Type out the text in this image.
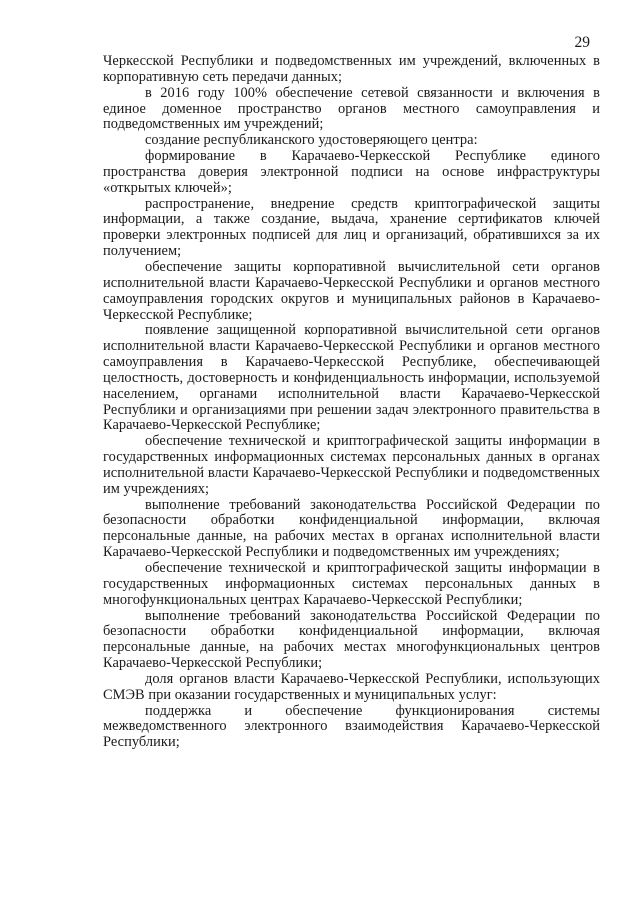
29

Черкесской Республики и подведомственных им учреждений, включенных в корпоративную сеть передачи данных;

в 2016 году 100% обеспечение сетевой связанности и включения в единое доменное пространство органов местного самоуправления и подведомственных им учреждений;

создание республиканского удостоверяющего центра:

формирование в Карачаево-Черкесской Республике единого пространства доверия электронной подписи на основе инфраструктуры «открытых ключей»;

распространение, внедрение средств криптографической защиты информации, а также создание, выдача, хранение сертификатов ключей проверки электронных подписей для лиц и организаций, обратившихся за их получением;

обеспечение защиты корпоративной вычислительной сети органов исполнительной власти Карачаево-Черкесской Республики и органов местного самоуправления городских округов и муниципальных районов в Карачаево-Черкесской Республике;

появление защищенной корпоративной вычислительной сети органов исполнительной власти Карачаево-Черкесской Республики и органов местного самоуправления в Карачаево-Черкесской Республике, обеспечивающей целостность, достоверность и конфиденциальность информации, используемой населением, органами исполнительной власти Карачаево-Черкесской Республики и организациями при решении задач электронного правительства в Карачаево-Черкесской Республике;

обеспечение технической и криптографической защиты информации в государственных информационных системах персональных данных в органах исполнительной власти Карачаево-Черкесской Республики и подведомственных им учреждениях;

выполнение требований законодательства Российской Федерации по безопасности обработки конфиденциальной информации, включая персональные данные, на рабочих местах в органах исполнительной власти Карачаево-Черкесской Республики и подведомственных им учреждениях;

обеспечение технической и криптографической защиты информации в государственных информационных системах персональных данных в многофункциональных центрах Карачаево-Черкесской Республики;

выполнение требований законодательства Российской Федерации по безопасности обработки конфиденциальной информации, включая персональные данные, на рабочих местах многофункциональных центров Карачаево-Черкесской Республики;

доля органов власти Карачаево-Черкесской Республики, использующих СМЭВ при оказании государственных и муниципальных услуг:

поддержка и обеспечение функционирования системы межведомственного электронного взаимодействия Карачаево-Черкесской Республики;
